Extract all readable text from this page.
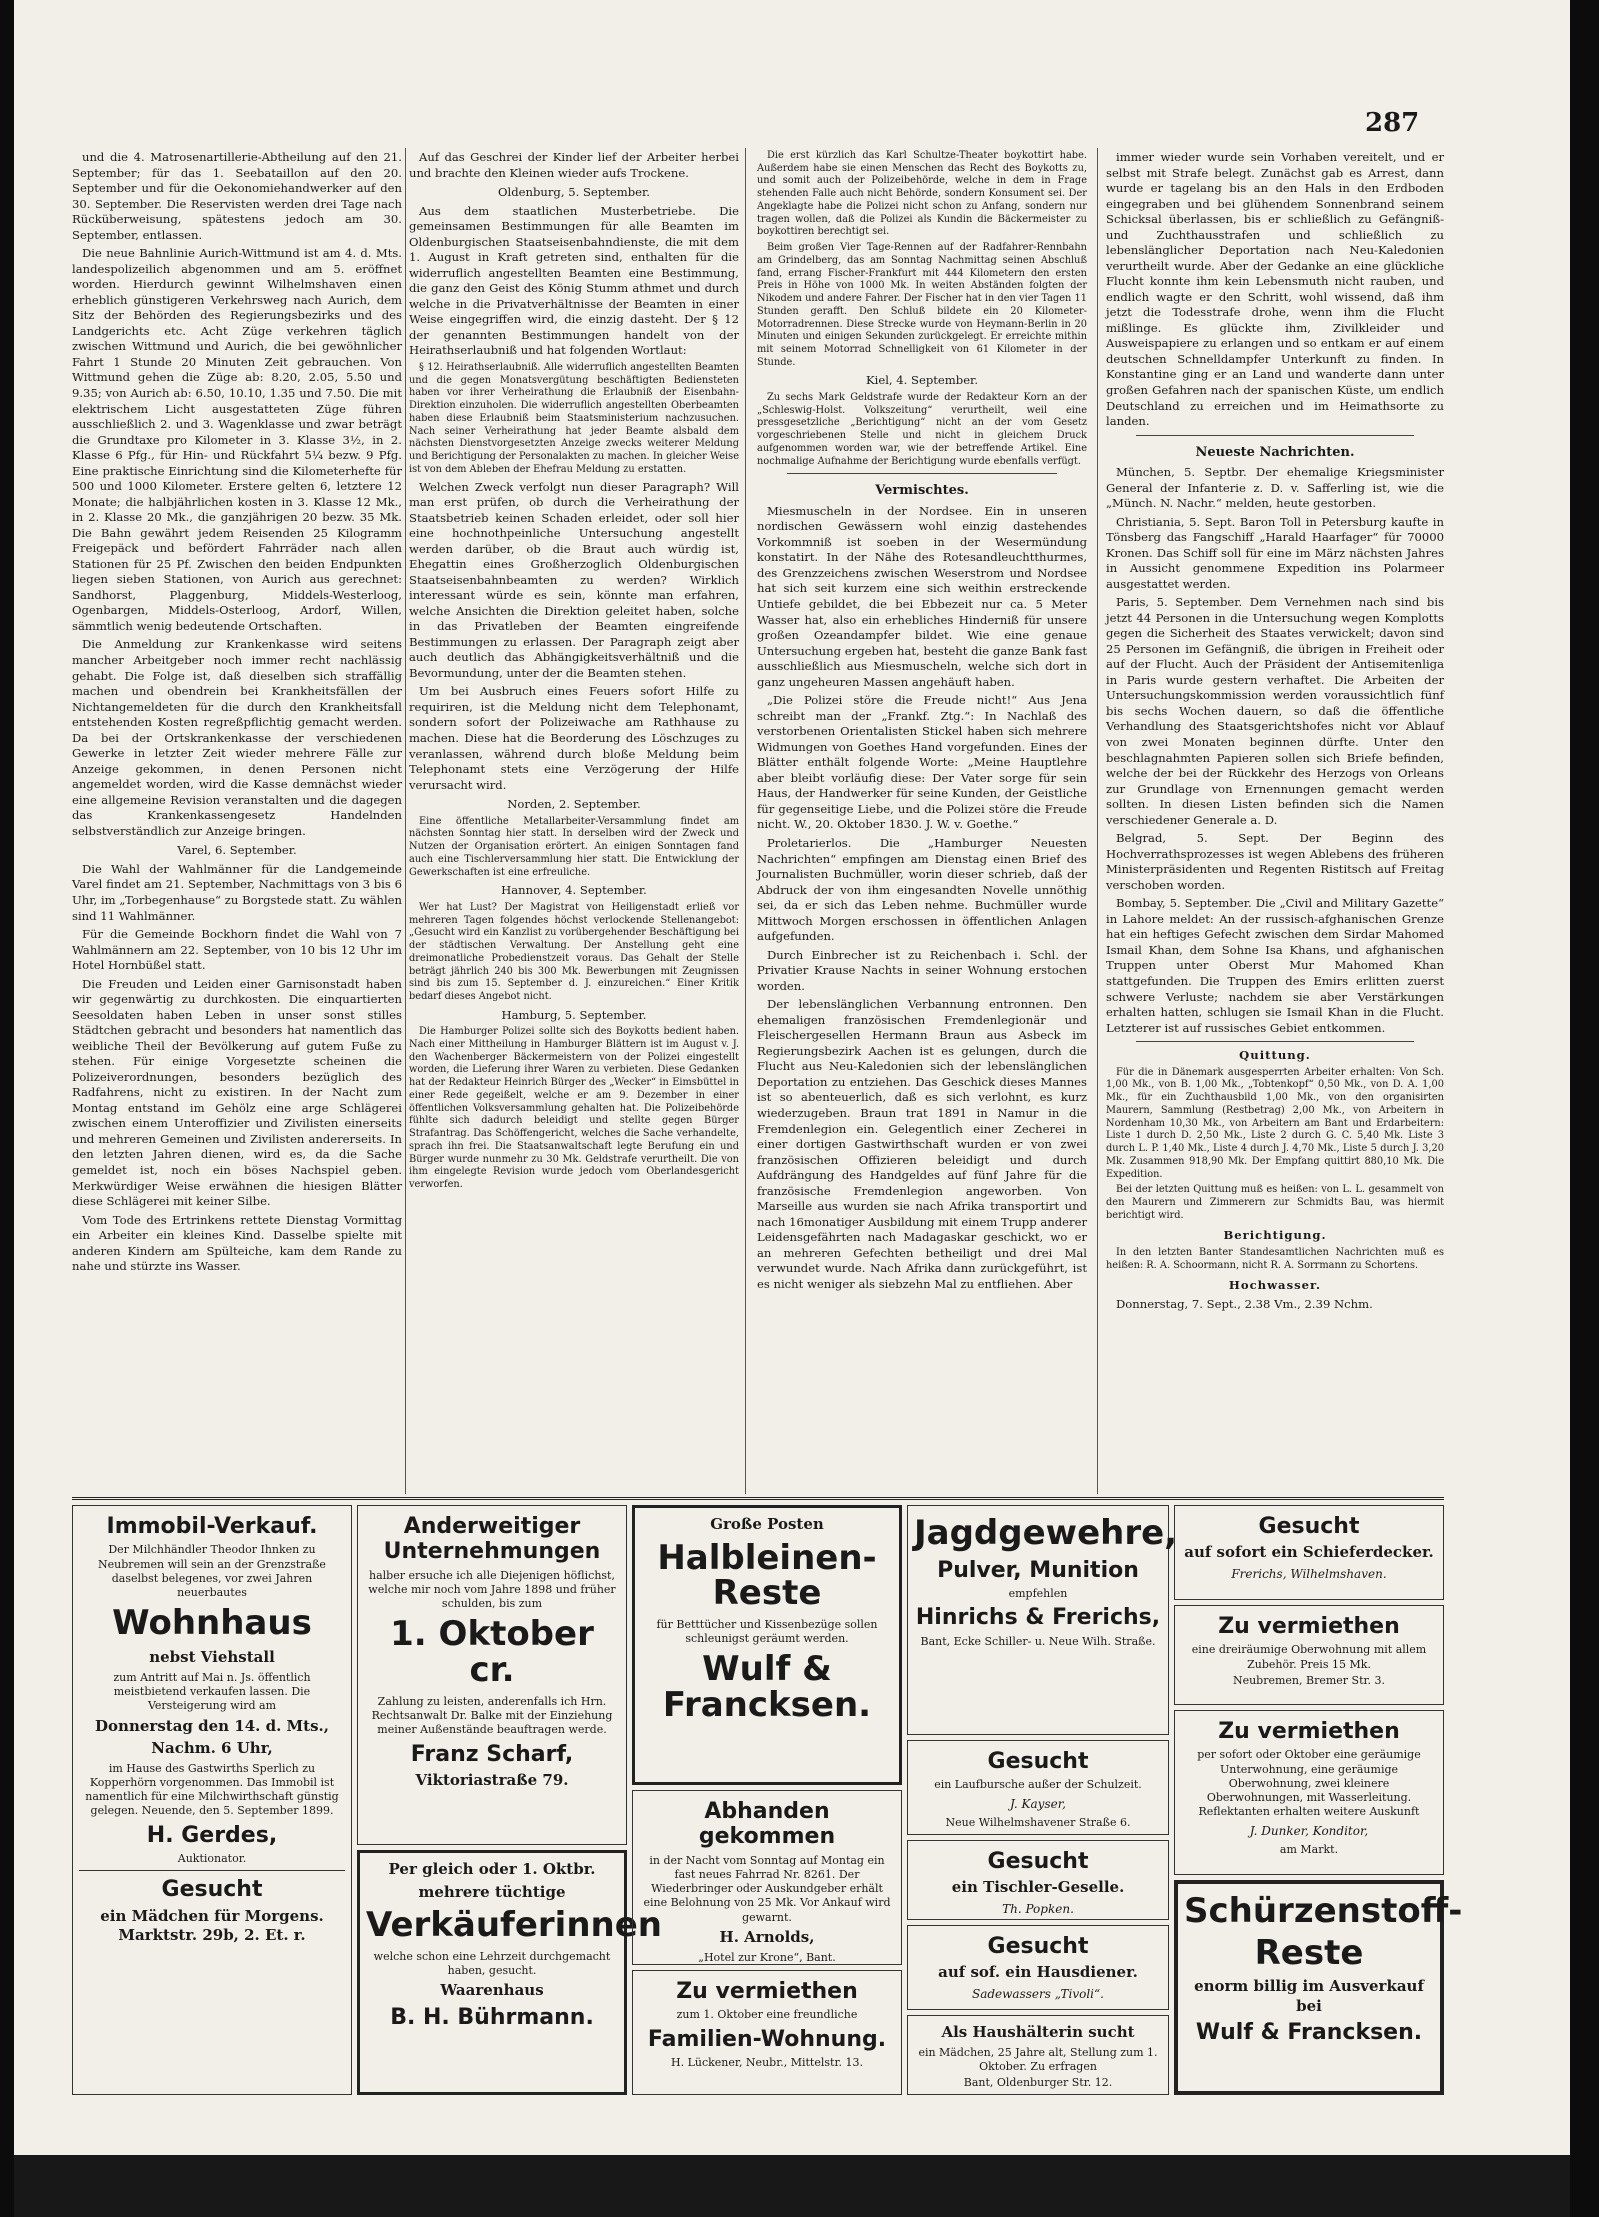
287

und die 4. Matrosenartillerie-Abtheilung auf den 21. September; für das 1. Seebataillon auf den 20. September und für die Oekonomiehandwerker auf den 30. September. Die Reservisten werden drei Tage nach Rücküberweisung, spätestens jedoch am 30. September, entlassen.

Die neue Bahnlinie Aurich-Wittmund ist am 4. d. Mts. landespolizeilich abgenommen und am 5. eröffnet worden. Hierdurch gewinnt Wilhelmshaven einen erheblich günstigeren Verkehrsweg nach Aurich, dem Sitz der Behörden des Regierungsbezirks und des Landgerichts etc. Acht Züge verkehren täglich zwischen Wittmund und Aurich, die bei gewöhnlicher Fahrt 1 Stunde 20 Minuten Zeit gebrauchen. Von Wittmund gehen die Züge ab: 8.20, 2.05, 5.50 und 9.35; von Aurich ab: 6.50, 10.10, 1.35 und 7.50. Die mit elektrischem Licht ausgestatteten Züge führen ausschließlich 2. und 3. Wagenklasse und zwar beträgt die Grundtaxe pro Kilometer in 3. Klasse 3½, in 2. Klasse 6 Pfg., für Hin- und Rückfahrt 5¼ bezw. 9 Pfg. Eine praktische Einrichtung sind die Kilometerhefte für 500 und 1000 Kilometer. Erstere gelten 6, letztere 12 Monate; die halbjährlichen kosten in 3. Klasse 12 Mk., in 2. Klasse 20 Mk., die ganzjährigen 20 bezw. 35 Mk. Die Bahn gewährt jedem Reisenden 25 Kilogramm Freigepäck und befördert Fahrräder nach allen Stationen für 25 Pf. Zwischen den beiden Endpunkten liegen sieben Stationen, von Aurich aus gerechnet: Sandhorst, Plaggenburg, Middels-Westerloog, Ogenbargen, Middels-Osterloog, Ardorf, Willen, sämmtlich wenig bedeutende Ortschaften.

Die Anmeldung zur Krankenkasse wird seitens mancher Arbeitgeber noch immer recht nachlässig gehabt. Die Folge ist, daß dieselben sich straffällig machen und obendrein bei Krankheitsfällen der Nichtangemeldeten für die durch den Krankheitsfall entstehenden Kosten regreßpflichtig gemacht werden. Da bei der Ortskrankenkasse der verschiedenen Gewerke in letzter Zeit wieder mehrere Fälle zur Anzeige gekommen, in denen Personen nicht angemeldet worden, wird die Kasse demnächst wieder eine allgemeine Revision veranstalten und die dagegen das Krankenkassengesetz Handelnden selbstverständlich zur Anzeige bringen.

Varel, 6. September.

Die Wahl der Wahlmänner für die Landgemeinde Varel findet am 21. September, Nachmittags von 3 bis 6 Uhr, im „Torbegenhause“ zu Borgstede statt. Zu wählen sind 11 Wahlmänner.

Für die Gemeinde Bockhorn findet die Wahl von 7 Wahlmännern am 22. September, von 10 bis 12 Uhr im Hotel Hornbüßel statt.

Die Freuden und Leiden einer Garnisonstadt haben wir gegenwärtig zu durchkosten. Die einquartierten Seesoldaten haben Leben in unser sonst stilles Städtchen gebracht und besonders hat namentlich das weibliche Theil der Bevölkerung auf gutem Fuße zu stehen. Für einige Vorgesetzte scheinen die Polizeiverordnungen, besonders bezüglich des Radfahrens, nicht zu existiren. In der Nacht zum Montag entstand im Gehölz eine arge Schlägerei zwischen einem Unteroffizier und Zivilisten einerseits und mehreren Gemeinen und Zivilisten andererseits. In den letzten Jahren dienen, wird es, da die Sache gemeldet ist, noch ein böses Nachspiel geben. Merkwürdiger Weise erwähnen die hiesigen Blätter diese Schlägerei mit keiner Silbe.

Vom Tode des Ertrinkens rettete Dienstag Vormittag ein Arbeiter ein kleines Kind. Dasselbe spielte mit anderen Kindern am Spülteiche, kam dem Rande zu nahe und stürzte ins Wasser.

Auf das Geschrei der Kinder lief der Arbeiter herbei und brachte den Kleinen wieder aufs Trockene.

Oldenburg, 5. September.

Aus dem staatlichen Musterbetriebe. Die gemeinsamen Bestimmungen für alle Beamten im Oldenburgischen Staatseisenbahndienste, die mit dem 1. August in Kraft getreten sind, enthalten für die widerruflich angestellten Beamten eine Bestimmung, die ganz den Geist des König Stumm athmet und durch welche in die Privatverhältnisse der Beamten in einer Weise eingegriffen wird, die einzig dasteht. Der § 12 der genannten Bestimmungen handelt von der Heirathserlaubniß und hat folgenden Wortlaut:

§ 12. Heirathserlaubniß. Alle widerruflich angestellten Beamten und die gegen Monatsvergütung beschäftigten Bediensteten haben vor ihrer Verheirathung die Erlaubniß der Eisenbahn-Direktion einzuholen. Die widerruflich angestellten Oberbeamten haben diese Erlaubniß beim Staatsministerium nachzusuchen. Nach seiner Verheirathung hat jeder Beamte alsbald dem nächsten Dienstvorgesetzten Anzeige zwecks weiterer Meldung und Berichtigung der Personalakten zu machen. In gleicher Weise ist von dem Ableben der Ehefrau Meldung zu erstatten.

Welchen Zweck verfolgt nun dieser Paragraph? Will man erst prüfen, ob durch die Verheirathung der Staatsbetrieb keinen Schaden erleidet, oder soll hier eine hochnothpeinliche Untersuchung angestellt werden darüber, ob die Braut auch würdig ist, Ehegattin eines Großherzoglich Oldenburgischen Staatseisenbahnbeamten zu werden? Wirklich interessant würde es sein, könnte man erfahren, welche Ansichten die Direktion geleitet haben, solche in das Privatleben der Beamten eingreifende Bestimmungen zu erlassen. Der Paragraph zeigt aber auch deutlich das Abhängigkeitsverhältniß und die Bevormundung, unter der die Beamten stehen.

Um bei Ausbruch eines Feuers sofort Hilfe zu requiriren, ist die Meldung nicht dem Telephonamt, sondern sofort der Polizeiwache am Rathhause zu machen. Diese hat die Beorderung des Löschzuges zu veranlassen, während durch bloße Meldung beim Telephonamt stets eine Verzögerung der Hilfe verursacht wird.

Norden, 2. September.

Eine öffentliche Metallarbeiter-Versammlung findet am nächsten Sonntag hier statt. In derselben wird der Zweck und Nutzen der Organisation erörtert. An einigen Sonntagen fand auch eine Tischlerversammlung hier statt. Die Entwicklung der Gewerkschaften ist eine erfreuliche.

Hannover, 4. September.

Wer hat Lust? Der Magistrat von Heiligenstadt erließ vor mehreren Tagen folgendes höchst verlockende Stellenangebot: „Gesucht wird ein Kanzlist zu vorübergehender Beschäftigung bei der städtischen Verwaltung. Der Anstellung geht eine dreimonatliche Probedienstzeit voraus. Das Gehalt der Stelle beträgt jährlich 240 bis 300 Mk. Bewerbungen mit Zeugnissen sind bis zum 15. September d. J. einzureichen.“ Einer Kritik bedarf dieses Angebot nicht.

Hamburg, 5. September.

Die Hamburger Polizei sollte sich des Boykotts bedient haben. Nach einer Mittheilung in Hamburger Blättern ist im August v. J. den Wachenberger Bäckermeistern von der Polizei eingestellt worden, die Lieferung ihrer Waren zu verbieten. Diese Gedanken hat der Redakteur Heinrich Bürger des „Wecker“ in Eimsbüttel in einer Rede gegeißelt, welche er am 9. Dezember in einer öffentlichen Volksversammlung gehalten hat. Die Polizeibehörde fühlte sich dadurch beleidigt und stellte gegen Bürger Strafantrag. Das Schöffengericht, welches die Sache verhandelte, sprach ihn frei. Die Staatsanwaltschaft legte Berufung ein und Bürger wurde nunmehr zu 30 Mk. Geldstrafe verurtheilt. Die von ihm eingelegte Revision wurde jedoch vom Oberlandesgericht verworfen.

Die erst kürzlich das Karl Schultze-Theater boykottirt habe. Außerdem habe sie einen Menschen das Recht des Boykotts zu, und somit auch der Polizeibehörde, welche in dem in Frage stehenden Falle auch nicht Behörde, sondern Konsument sei. Der Angeklagte habe die Polizei nicht schon zu Anfang, sondern nur tragen wollen, daß die Polizei als Kundin die Bäckermeister zu boykottiren berechtigt sei.

Beim großen Vier Tage-Rennen auf der Radfahrer-Rennbahn am Grindelberg, das am Sonntag Nachmittag seinen Abschluß fand, errang Fischer-Frankfurt mit 444 Kilometern den ersten Preis in Höhe von 1000 Mk. In weiten Abständen folgten der Nikodem und andere Fahrer. Der Fischer hat in den vier Tagen 11 Stunden gerafft. Den Schluß bildete ein 20 Kilometer-Motorradrennen. Diese Strecke wurde von Heymann-Berlin in 20 Minuten und einigen Sekunden zurückgelegt. Er erreichte mithin mit seinem Motorrad Schnelligkeit von 61 Kilometer in der Stunde.

Kiel, 4. September.

Zu sechs Mark Geldstrafe wurde der Redakteur Korn an der „Schleswig-Holst. Volkszeitung“ verurtheilt, weil eine pressgesetzliche „Berichtigung“ nicht an der vom Gesetz vorgeschriebenen Stelle und nicht in gleichem Druck aufgenommen worden war, wie der betreffende Artikel. Eine nochmalige Aufnahme der Berichtigung wurde ebenfalls verfügt.

Vermischtes.

Miesmuscheln in der Nordsee. Ein in unseren nordischen Gewässern wohl einzig dastehendes Vorkommniß ist soeben in der Wesermündung konstatirt. In der Nähe des Rotesandleuchtthurmes, des Grenzzeichens zwischen Weserstrom und Nordsee hat sich seit kurzem eine sich weithin erstreckende Untiefe gebildet, die bei Ebbezeit nur ca. 5 Meter Wasser hat, also ein erhebliches Hinderniß für unsere großen Ozeandampfer bildet. Wie eine genaue Untersuchung ergeben hat, besteht die ganze Bank fast ausschließlich aus Miesmuscheln, welche sich dort in ganz ungeheuren Massen angehäuft haben.

„Die Polizei störe die Freude nicht!“ Aus Jena schreibt man der „Frankf. Ztg.“: In Nachlaß des verstorbenen Orientalisten Stickel haben sich mehrere Widmungen von Goethes Hand vorgefunden. Eines der Blätter enthält folgende Worte: „Meine Hauptlehre aber bleibt vorläufig diese: Der Vater sorge für sein Haus, der Handwerker für seine Kunden, der Geistliche für gegenseitige Liebe, und die Polizei störe die Freude nicht. W., 20. Oktober 1830. J. W. v. Goethe.“

Proletarierlos. Die „Hamburger Neuesten Nachrichten“ empfingen am Dienstag einen Brief des Journalisten Buchmüller, worin dieser schrieb, daß der Abdruck der von ihm eingesandten Novelle unnöthig sei, da er sich das Leben nehme. Buchmüller wurde Mittwoch Morgen erschossen in öffentlichen Anlagen aufgefunden.

Durch Einbrecher ist zu Reichenbach i. Schl. der Privatier Krause Nachts in seiner Wohnung erstochen worden.

Der lebenslänglichen Verbannung entronnen. Den ehemaligen französischen Fremdenlegionär und Fleischergesellen Hermann Braun aus Asbeck im Regierungsbezirk Aachen ist es gelungen, durch die Flucht aus Neu-Kaledonien sich der lebenslänglichen Deportation zu entziehen. Das Geschick dieses Mannes ist so abenteuerlich, daß es sich verlohnt, es kurz wiederzugeben. Braun trat 1891 in Namur in die Fremdenlegion ein. Gelegentlich einer Zecherei in einer dortigen Gastwirthschaft wurden er von zwei französischen Offizieren beleidigt und durch Aufdrängung des Handgeldes auf fünf Jahre für die französische Fremdenlegion angeworben. Von Marseille aus wurden sie nach Afrika transportirt und nach 16monatiger Ausbildung mit einem Trupp anderer Leidensgefährten nach Madagaskar geschickt, wo er an mehreren Gefechten betheiligt und drei Mal verwundet wurde. Nach Afrika dann zurückgeführt, ist es nicht weniger als siebzehn Mal zu entfliehen. Aber

immer wieder wurde sein Vorhaben vereitelt, und er selbst mit Strafe belegt. Zunächst gab es Arrest, dann wurde er tagelang bis an den Hals in den Erdboden eingegraben und bei glühendem Sonnenbrand seinem Schicksal überlassen, bis er schließlich zu Gefängniß- und Zuchthausstrafen und schließlich zu lebenslänglicher Deportation nach Neu-Kaledonien verurtheilt wurde. Aber der Gedanke an eine glückliche Flucht konnte ihm kein Lebensmuth nicht rauben, und endlich wagte er den Schritt, wohl wissend, daß ihm jetzt die Todesstrafe drohe, wenn ihm die Flucht mißlinge. Es glückte ihm, Zivilkleider und Ausweispapiere zu erlangen und so entkam er auf einem deutschen Schnelldampfer Unterkunft zu finden. In Konstantine ging er an Land und wanderte dann unter großen Gefahren nach der spanischen Küste, um endlich Deutschland zu erreichen und im Heimathsorte zu landen.

Neueste Nachrichten.

München, 5. Septbr. Der ehemalige Kriegsminister General der Infanterie z. D. v. Safferling ist, wie die „Münch. N. Nachr.“ melden, heute gestorben.

Christiania, 5. Sept. Baron Toll in Petersburg kaufte in Tönsberg das Fangschiff „Harald Haarfager“ für 70000 Kronen. Das Schiff soll für eine im März nächsten Jahres in Aussicht genommene Expedition ins Polarmeer ausgestattet werden.

Paris, 5. September. Dem Vernehmen nach sind bis jetzt 44 Personen in die Untersuchung wegen Komplotts gegen die Sicherheit des Staates verwickelt; davon sind 25 Personen im Gefängniß, die übrigen in Freiheit oder auf der Flucht. Auch der Präsident der Antisemitenliga in Paris wurde gestern verhaftet. Die Arbeiten der Untersuchungskommission werden voraussichtlich fünf bis sechs Wochen dauern, so daß die öffentliche Verhandlung des Staatsgerichtshofes nicht vor Ablauf von zwei Monaten beginnen dürfte. Unter den beschlagnahmten Papieren sollen sich Briefe befinden, welche der bei der Rückkehr des Herzogs von Orleans zur Grundlage von Ernennungen gemacht werden sollten. In diesen Listen befinden sich die Namen verschiedener Generale a. D.

Belgrad, 5. Sept. Der Beginn des Hochverrathsprozesses ist wegen Ablebens des früheren Ministerpräsidenten und Regenten Ristitsch auf Freitag verschoben worden.

Bombay, 5. September. Die „Civil and Military Gazette“ in Lahore meldet: An der russisch-afghanischen Grenze hat ein heftiges Gefecht zwischen dem Sirdar Mahomed Ismail Khan, dem Sohne Isa Khans, und afghanischen Truppen unter Oberst Mur Mahomed Khan stattgefunden. Die Truppen des Emirs erlitten zuerst schwere Verluste; nachdem sie aber Verstärkungen erhalten hatten, schlugen sie Ismail Khan in die Flucht. Letzterer ist auf russisches Gebiet entkommen.

Quittung.

Für die in Dänemark ausgesperrten Arbeiter erhalten: Von Sch. 1,00 Mk., von B. 1,00 Mk., „Tobtenkopf“ 0,50 Mk., von D. A. 1,00 Mk., für ein Zuchthausbild 1,00 Mk., von den organisirten Maurern, Sammlung (Restbetrag) 2,00 Mk., von Arbeitern in Nordenham 10,30 Mk., von Arbeitern am Bant und Erdarbeitern: Liste 1 durch D. 2,50 Mk., Liste 2 durch G. C. 5,40 Mk. Liste 3 durch L. P. 1,40 Mk., Liste 4 durch J. 4,70 Mk., Liste 5 durch J. 3,20 Mk. Zusammen 918,90 Mk. Der Empfang quittirt 880,10 Mk. Die Expedition.

Bei der letzten Quittung muß es heißen: von L. L. gesammelt von den Maurern und Zimmerern zur Schmidts Bau, was hiermit berichtigt wird.

Berichtigung.

In den letzten Banter Standesamtlichen Nachrichten muß es heißen: R. A. Schoormann, nicht R. A. Sorrmann zu Schortens.

Hochwasser.

Donnerstag, 7. Sept., 2.38 Vm., 2.39 Nchm.

Immobil-Verkauf.

Der Milchhändler Theodor Ihnken zu Neubremen will sein an der Grenzstraße daselbst belegenes, vor zwei Jahren neuerbautes

Wohnhaus
nebst Viehstall

zum Antritt auf Mai n. Js. öffentlich meistbietend verkaufen lassen. Die Versteigerung wird am

Donnerstag den 14. d. Mts.,
Nachm. 6 Uhr,

im Hause des Gastwirths Sperlich zu Kopperhörn vorgenommen. Das Immobil ist namentlich für eine Milchwirthschaft günstig gelegen. Neuende, den 5. September 1899.

H. Gerdes,

Auktionator.

Gesucht

ein Mädchen für Morgens. Marktstr. 29b, 2. Et. r.

Anderweitiger Unternehmungen

halber ersuche ich alle Diejenigen höflichst, welche mir noch vom Jahre 1898 und früher schulden, bis zum

1. Oktober cr.

Zahlung zu leisten, anderenfalls ich Hrn. Rechtsanwalt Dr. Balke mit der Einziehung meiner Außenstände beauftragen werde.

Franz Scharf,
Viktoriastraße 79.
Per gleich oder 1. Oktbr.
mehrere tüchtige
Verkäuferinnen

welche schon eine Lehrzeit durchgemacht haben, gesucht.

Waarenhaus
B. H. Bührmann.
Große Posten
Halbleinen-Reste

für Betttücher und Kissenbezüge sollen schleunigst geräumt werden.

Wulf & Francksen.
Abhanden gekommen

in der Nacht vom Sonntag auf Montag ein fast neues Fahrrad Nr. 8261. Der Wiederbringer oder Auskundgeber erhält eine Belohnung von 25 Mk. Vor Ankauf wird gewarnt.

H. Arnolds,

„Hotel zur Krone“, Bant.

Zu vermiethen

zum 1. Oktober eine freundliche

Familien-Wohnung.

H. Lückener, Neubr., Mittelstr. 13.

Jagdgewehre,
Pulver, Munition

empfehlen

Hinrichs & Frerichs,

Bant, Ecke Schiller- u. Neue Wilh. Straße.

Gesucht

ein Laufbursche außer der Schulzeit.

J. Kayser,

Neue Wilhelmshavener Straße 6.

Gesucht
ein Tischler-Geselle.

Th. Popken.

Gesucht
auf sof. ein Hausdiener.

Sadewassers „Tivoli“.

Als Haushälterin sucht

ein Mädchen, 25 Jahre alt, Stellung zum 1. Oktober. Zu erfragen

Bant, Oldenburger Str. 12.

Gesucht
auf sofort ein Schieferdecker.

Frerichs, Wilhelmshaven.

Zu vermiethen

eine dreiräumige Oberwohnung mit allem Zubehör. Preis 15 Mk.

Neubremen, Bremer Str. 3.

Zu vermiethen

per sofort oder Oktober eine geräumige Unterwohnung, eine geräumige Oberwohnung, zwei kleinere Oberwohnungen, mit Wasserleitung. Reflektanten erhalten weitere Auskunft

J. Dunker, Konditor,

am Markt.

Schürzenstoff-
Reste

enorm billig im Ausverkauf bei

Wulf & Francksen.
